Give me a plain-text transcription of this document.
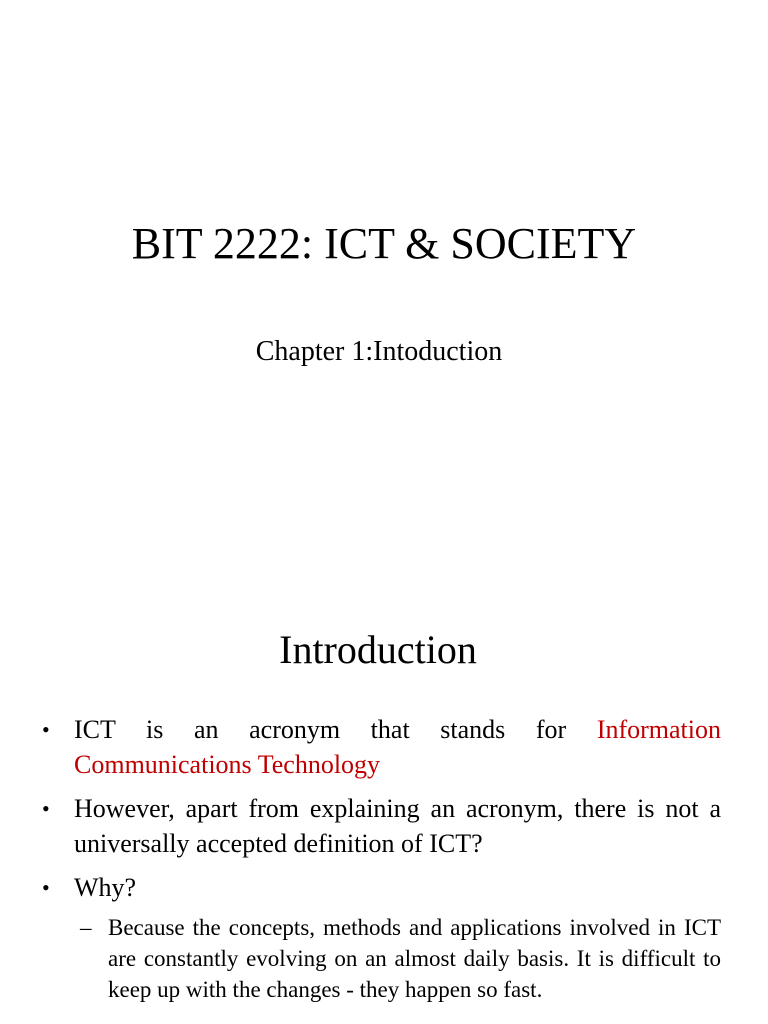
BIT 2222: ICT & SOCIETY
Chapter 1:Intoduction
Introduction
• ICT is an acronym that stands for Information Communications Technology
• However, apart from explaining an acronym, there is not a universally accepted definition of ICT?
• Why?
– Because the concepts, methods and applications involved in ICT are constantly evolving on an almost daily basis. It is difficult to keep up with the changes - they happen so fast.
